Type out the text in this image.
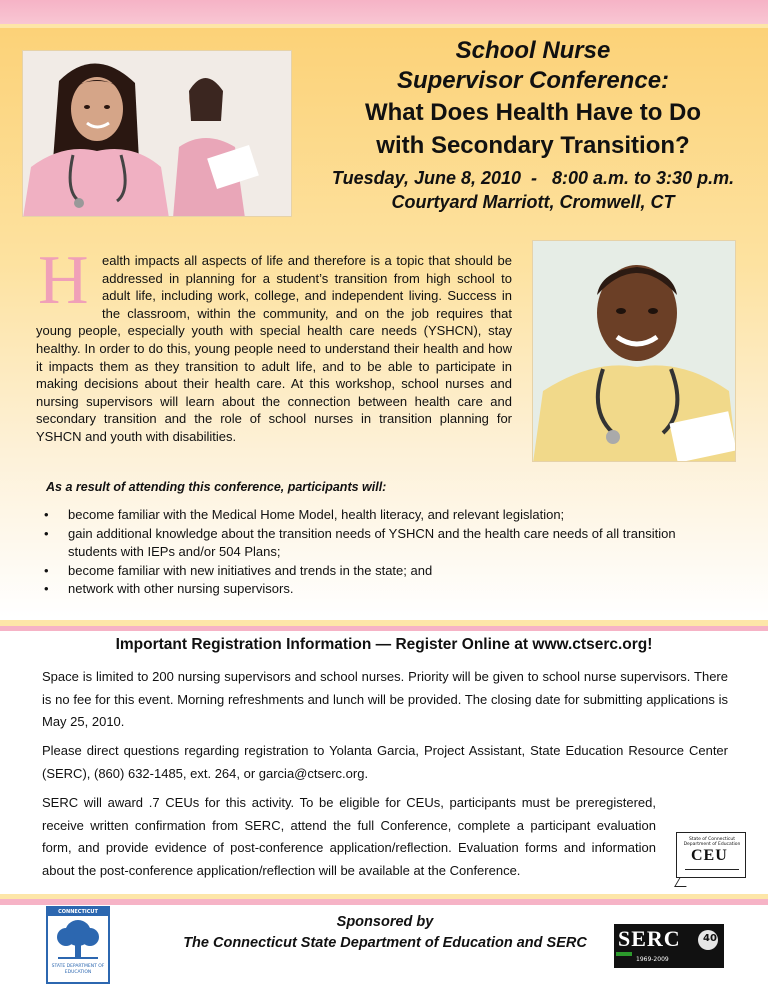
School Nurse
Supervisor Conference:
What Does Health Have to Do
with Secondary Transition?
Tuesday, June 8, 2010  -   8:00 a.m. to 3:30 p.m.
Courtyard Marriott, Cromwell, CT
H	ealth impacts all aspects of life and therefore is a topic that should be addressed in planning for a student’s transition from high school to adult life, including work, college, and independent living. Success in the classroom, within the community, and on the job requires that young people, especially youth with special health care needs (YSHCN), stay healthy. In order to do this, young people need to understand their health and how it impacts them as they transition to adult life, and to be able to participate in making decisions about their health care. At this workshop, school nurses and nursing supervisors will learn about the connection between health care and secondary transition and the role of school nurses in transition planning for YSHCN and youth with disabilities.
As a result of attending this conference, participants will:
• become familiar with the Medical Home Model, health literacy, and relevant legislation;
• gain additional knowledge about the transition needs of YSHCN and the health care needs of all transition students with IEPs and/or 504 Plans;
• become familiar with new initiatives and trends in the state; and
• network with other nursing supervisors.
Important Registration Information — Register Online at www.ctserc.org!
Space is limited to 200 nursing supervisors and school nurses. Priority will be given to school nurse supervisors. There is no fee for this event. Morning refreshments and lunch will be provided. The closing date for submitting applications is May 25, 2010.
Please direct questions regarding registration to Yolanta Garcia, Project Assistant, State Education Resource Center (SERC), (860) 632-1485, ext. 264, or garcia@ctserc.org.
SERC will award .7 CEUs for this activity. To be eligible for CEUs, participants must be preregistered, receive written confirmation from SERC, attend the full Conference, complete a participant evaluation form, and provide evidence of post-conference application/reflection. Evaluation forms and information about the post-conference application/reflection will be available at the Conference.
State of Connecticut Department of Education
CEU
CONNECTICUT
STATE DEPARTMENT OF EDUCATION
Sponsored by
The Connecticut State Department of Education and SERC	SERC
1969-2009
40
